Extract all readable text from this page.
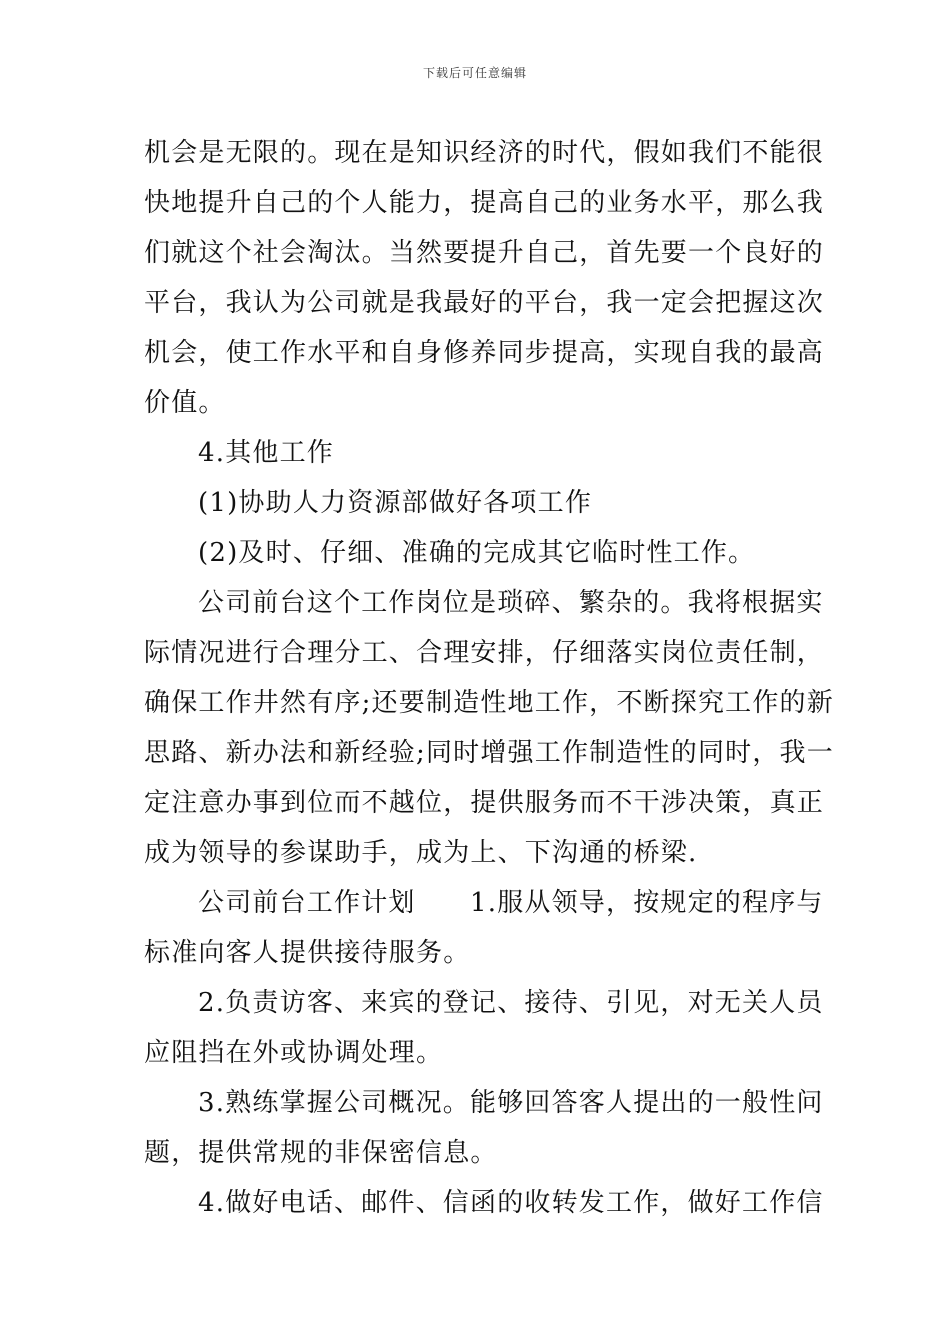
下载后可任意编辑
机会是无限的。现在是知识经济的时代，假如我们不能很
快地提升自己的个人能力，提高自己的业务水平，那么我
们就这个社会淘汰。当然要提升自己，首先要一个良好的
平台，我认为公司就是我最好的平台，我一定会把握这次
机会，使工作水平和自身修养同步提高，实现自我的最高
价值。
4.其他工作
(1)协助人力资源部做好各项工作
(2)及时、仔细、准确的完成其它临时性工作。
公司前台这个工作岗位是琐碎、繁杂的。我将根据实
际情况进行合理分工、合理安排，仔细落实岗位责任制，
确保工作井然有序;还要制造性地工作，不断探究工作的新
思路、新办法和新经验;同时增强工作制造性的同时，我一
定注意办事到位而不越位，提供服务而不干涉决策，真正
成为领导的参谋助手，成为上、下沟通的桥梁.
公司前台工作计划　　1.服从领导，按规定的程序与
标准向客人提供接待服务。
2.负责访客、来宾的登记、接待、引见，对无关人员
应阻挡在外或协调处理。
3.熟练掌握公司概况。能够回答客人提出的一般性问
题，提供常规的非保密信息。
4.做好电话、邮件、信函的收转发工作，做好工作信
